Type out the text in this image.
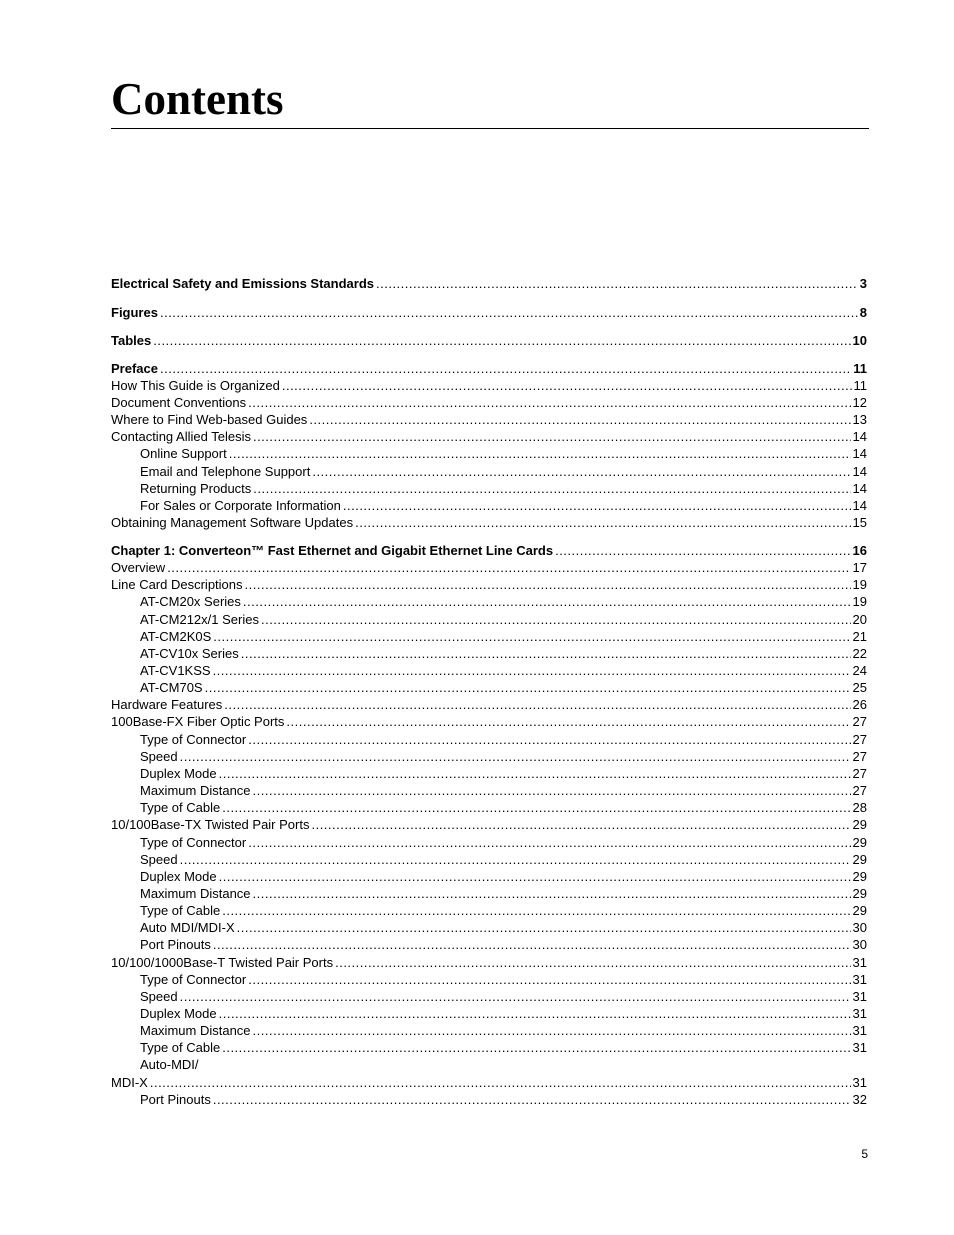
Contents
Electrical Safety and Emissions Standards .....	3
Figures .....	8
Tables .....	10
Preface .....	11
How This Guide is Organized .....	11
Document Conventions .....	12
Where to Find Web-based Guides .....	13
Contacting Allied Telesis .....	14
Online Support .....	14
Email and Telephone Support .....	14
Returning Products .....	14
For Sales or Corporate Information .....	14
Obtaining Management Software Updates .....	15
Chapter 1: Converteon™ Fast Ethernet and Gigabit Ethernet Line Cards .....	16
Overview .....	17
Line Card Descriptions .....	19
AT-CM20x Series .....	19
AT-CM212x/1 Series .....	20
AT-CM2K0S .....	21
AT-CV10x Series .....	22
AT-CV1KSS .....	24
AT-CM70S .....	25
Hardware Features .....	26
100Base-FX Fiber Optic Ports .....	27
Type of Connector .....	27
Speed .....	27
Duplex Mode .....	27
Maximum Distance .....	27
Type of Cable .....	28
10/100Base-TX Twisted Pair Ports .....	29
Type of Connector .....	29
Speed .....	29
Duplex Mode .....	29
Maximum Distance .....	29
Type of Cable .....	29
Auto MDI/MDI-X .....	30
Port Pinouts .....	30
10/100/1000Base-T Twisted Pair Ports .....	31
Type of Connector .....	31
Speed .....	31
Duplex Mode .....	31
Maximum Distance .....	31
Type of Cable .....	31
Auto-MDI/
MDI-X .....	31
Port Pinouts .....	32
5
